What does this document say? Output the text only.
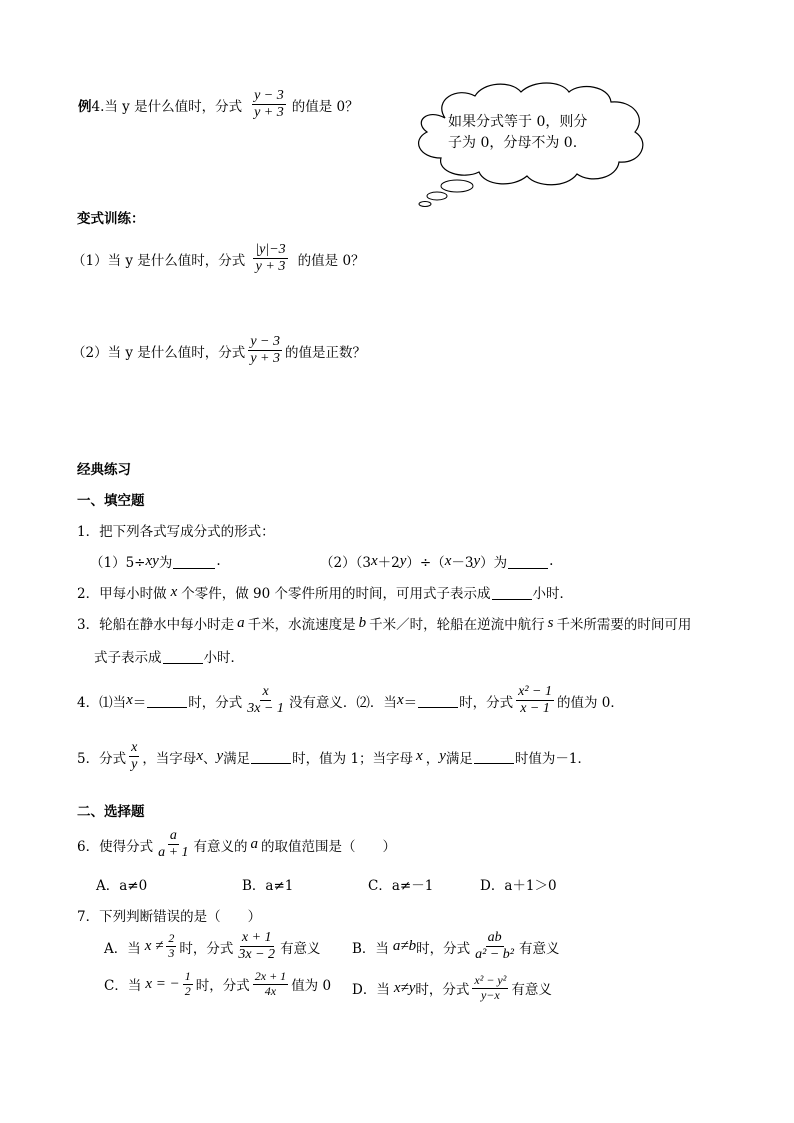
例 4.当 y 是什么值时，分式 $\frac{y - 3}{y + 3}$ 的值是 0？
如果分式等于 0，则分
子为 0，分母不为 0.
变式训练：
（1）当 y 是什么值时，分式 $\frac{|y|-3}{y + 3}$ 的值是 0？
（2）当 y 是什么值时，分式 $\frac{y - 3}{y + 3}$ 的值是正数？
经典练习
一、填空题
1．把下列各式写成分式的形式：
（1）5÷ xy 为	.	（2）（3 x ＋2 y ）÷（ x －3 y ）为	.
2．甲每小时做 x 个零件，做 90 个零件所用的时间，可用式子表示成	小时．
3．轮船在静水中每小时走 a 千米，水流速度是 b 千米／时，轮船在逆流中航行 s 千米所需要的时间可用
式子表示成	小时．
4．⑴当 x ＝	时，分式 $\frac{x}{3x - 1}$ 没有意义．⑵．当 x ＝	时，分式 $\frac{\text{x² − 1}}{x - 1}$ 的值为 0．
5．分式 $\frac{x}{y}$ ，当字母 x 、 y 满足	时，值为 1；当字母 x ， y 满足	时值为－1．
二、选择题
6．使得分式 $\frac{a}{a + 1}$ 有意义的 a 的取值范围是（　　）
A．a≠0	B．a≠1	C．a≠－1	D．a＋1＞0
7．下列判断错误的是（　　）
A．当 $x \ne \frac{2}{3}$ 时，分式 $\frac{x + 1}{3x - 2}$ 有意义 B．当 a≠b 时，分式 $\frac{ab}{\text{a² − b²}}$ 有意义
C．当 x = − $\frac{1}{2}$ 时，分式 $\frac{2x + 1}{4x}$ 值为 0 D．当 x≠y 时，分式 $\frac{\text{x² − y²}}{y-x}$ 有意义
